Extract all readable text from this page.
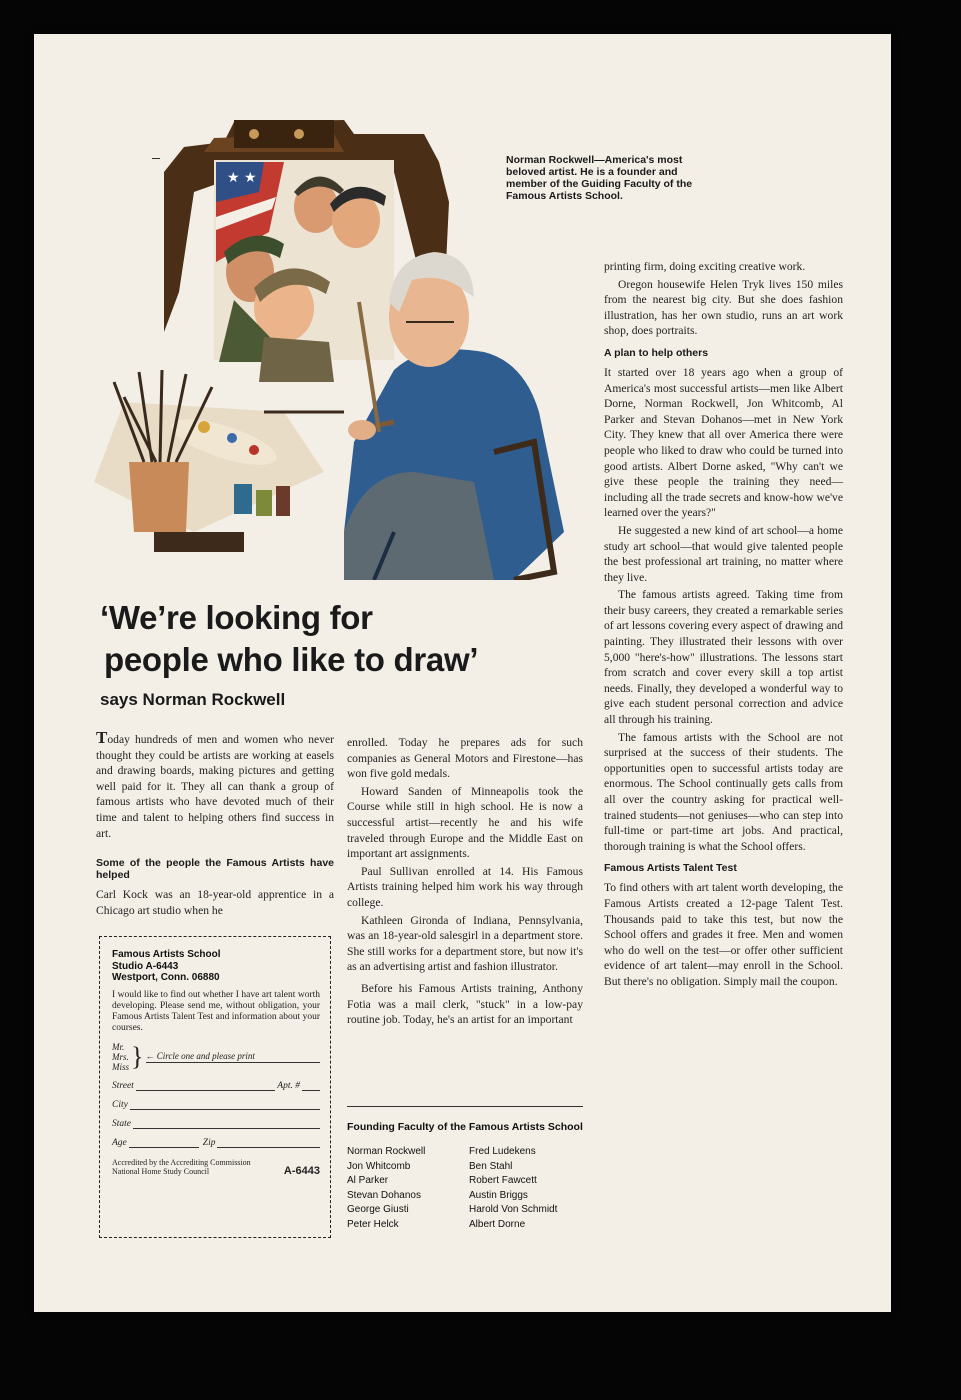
★ ★
Norman Rockwell—America's most beloved artist. He is a founder and member of the Guiding Faculty of the Famous Artists School.
‘We’re looking for
people who like to draw’
says Norman Rockwell

Today hundreds of men and women who never thought they could be artists are working at easels and drawing boards, making pictures and getting well paid for it. They all can thank a group of famous artists who have devoted much of their time and talent to helping others find success in art.

Some of the people the Famous Artists have helped

Carl Kock was an 18-year-old apprentice in a Chicago art studio when he

Famous Artists School
Studio A-6443
Westport, Conn. 06880
I would like to find out whether I have art talent worth developing. Please send me, without obligation, your Famous Artists Talent Test and information about your courses.
Mr.
Mrs.
Miss } ← Circle one and please print
Street	Apt. #
City
State
Age	Zip
Accredited by the Accrediting Commission National Home Study Council	A-6443

enrolled. Today he prepares ads for such companies as General Motors and Firestone—has won five gold medals.

Howard Sanden of Minneapolis took the Course while still in high school. He is now a successful artist—recently he and his wife traveled through Europe and the Middle East on important art assignments.

Paul Sullivan enrolled at 14. His Famous Artists training helped him work his way through college.

Kathleen Gironda of Indiana, Pennsylvania, was an 18-year-old salesgirl in a department store. She still works for a department store, but now it's as an advertising artist and fashion illustrator.

Before his Famous Artists training, Anthony Fotia was a mail clerk, "stuck" in a low-pay routine job. Today, he's an artist for an important

Founding Faculty of the Famous Artists School
Norman Rockwell	Fred Ludekens
Jon Whitcomb	Ben Stahl
Al Parker	Robert Fawcett
Stevan Dohanos	Austin Briggs
George Giusti	Harold Von Schmidt
Peter Helck	Albert Dorne

printing firm, doing exciting creative work.

Oregon housewife Helen Tryk lives 150 miles from the nearest big city. But she does fashion illustration, has her own studio, runs an art work shop, does portraits.

A plan to help others

It started over 18 years ago when a group of America's most successful artists—men like Albert Dorne, Norman Rockwell, Jon Whitcomb, Al Parker and Stevan Dohanos—met in New York City. They knew that all over America there were people who liked to draw who could be turned into good artists. Albert Dorne asked, "Why can't we give these people the training they need—including all the trade secrets and know-how we've learned over the years?"

He suggested a new kind of art school—a home study art school—that would give talented people the best professional art training, no matter where they live.

The famous artists agreed. Taking time from their busy careers, they created a remarkable series of art lessons covering every aspect of drawing and painting. They illustrated their lessons with over 5,000 "here's-how" illustrations. The lessons start from scratch and cover every skill a top artist needs. Finally, they developed a wonderful way to give each student personal correction and advice all through his training.

The famous artists with the School are not surprised at the success of their students. The opportunities open to successful artists today are enormous. The School continually gets calls from all over the country asking for practical well-trained students—not geniuses—who can step into full-time or part-time art jobs. And practical, thorough training is what the School offers.

Famous Artists Talent Test

To find others with art talent worth developing, the Famous Artists created a 12-page Talent Test. Thousands paid to take this test, but now the School offers and grades it free. Men and women who do well on the test—or offer other sufficient evidence of art talent—may enroll in the School. But there's no obligation. Simply mail the coupon.
